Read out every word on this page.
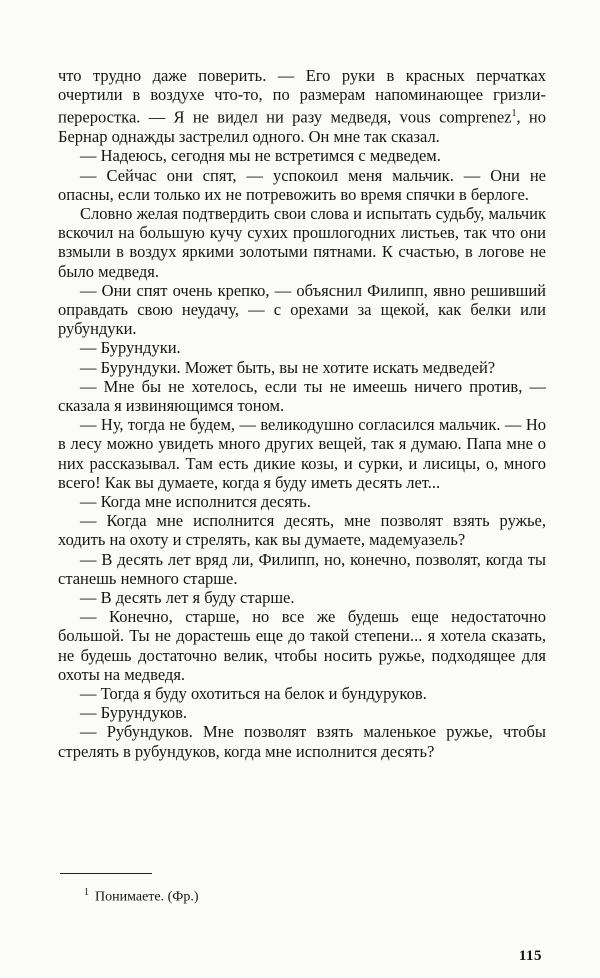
что трудно даже поверить. — Его руки в красных перчатках очертили в воздухе что-то, по размерам напоминающее гризли-переростка. — Я не видел ни разу медведя, vous comprenez$^1$, но Бернар однажды застрелил одного. Он мне так сказал.

— Надеюсь, сегодня мы не встретимся с медведем.

— Сейчас они спят, — успокоил меня мальчик. — Они не опасны, если только их не потревожить во время спячки в берлоге.

Словно желая подтвердить свои слова и испытать судьбу, мальчик вскочил на большую кучу сухих прошлогодних листьев, так что они взмыли в воздух яркими золотыми пятнами. К счастью, в логове не было медведя.

— Они спят очень крепко, — объяснил Филипп, явно решивший оправдать свою неудачу, — с орехами за щекой, как белки или рубундуки.

— Бурундуки.

— Бурундуки. Может быть, вы не хотите искать медведей?

— Мне бы не хотелось, если ты не имеешь ничего против, — сказала я извиняющимся тоном.

— Ну, тогда не будем, — великодушно согласился мальчик. — Но в лесу можно увидеть много других вещей, так я думаю. Папа мне о них рассказывал. Там есть дикие козы, и сурки, и лисицы, о, много всего! Как вы думаете, когда я буду иметь десять лет...

— Когда мне исполнится десять.

— Когда мне исполнится десять, мне позволят взять ружье, ходить на охоту и стрелять, как вы думаете, мадемуазель?

— В десять лет вряд ли, Филипп, но, конечно, позволят, когда ты станешь немного старше.

— В десять лет я буду старше.

— Конечно, старше, но все же будешь еще недостаточно большой. Ты не дорастешь еще до такой степени... я хотела сказать, не будешь достаточно велик, чтобы носить ружье, подходящее для охоты на медведя.

— Тогда я буду охотиться на белок и бундуруков.

— Бурундуков.

— Рубундуков. Мне позволят взять маленькое ружье, чтобы стрелять в рубундуков, когда мне исполнится десять?

$^1$ Понимаете. (Фр.)
115
